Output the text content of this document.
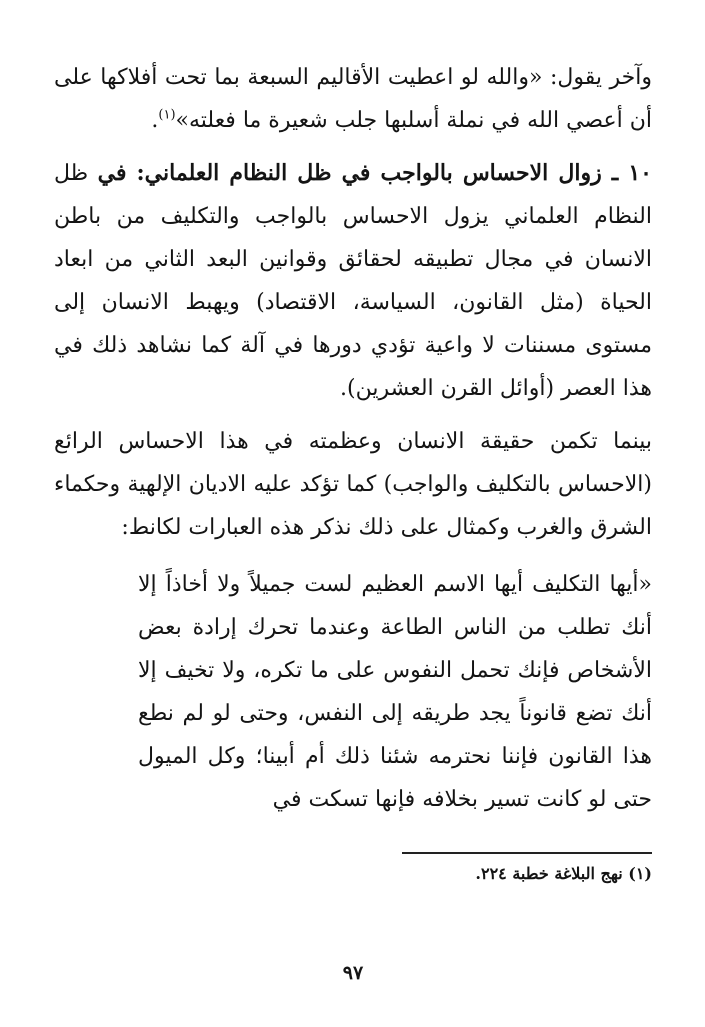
وآخر يقول: «والله لو اعطيت الأقاليم السبعة بما تحت أفلاكها على أن أعصي الله في نملة أسلبها جلب شعيرة ما فعلته»$^{(١)}$.

١٠ ـ زوال الاحساس بالواجب في ظل النظام العلماني: في ظل النظام العلماني يزول الاحساس بالواجب والتكليف من باطن الانسان في مجال تطبيقه لحقائق وقوانين البعد الثاني من ابعاد الحياة (مثل القانون، السياسة، الاقتصاد) ويهبط الانسان إلى مستوى مسننات لا واعية تؤدي دورها في آلة كما نشاهد ذلك في هذا العصر (أوائل القرن العشرين).

بينما تكمن حقيقة الانسان وعظمته في هذا الاحساس الرائع (الاحساس بالتكليف والواجب) كما تؤكد عليه الاديان الإلهية وحكماء الشرق والغرب وكمثال على ذلك نذكر هذه العبارات لكانط:

«أيها التكليف أيها الاسم العظيم لست جميلاً ولا أخاذاً إلا أنك تطلب من الناس الطاعة وعندما تحرك إرادة بعض الأشخاص فإنك تحمل النفوس على ما تكره، ولا تخيف إلا أنك تضع قانوناً يجد طريقه إلى النفس، وحتى لو لم نطع هذا القانون فإننا نحترمه شئنا ذلك أم أبينا؛ وكل الميول حتى لو كانت تسير بخلافه فإنها تسكت في

(١) نهج البلاغة خطبة ٢٢٤.
٩٧
